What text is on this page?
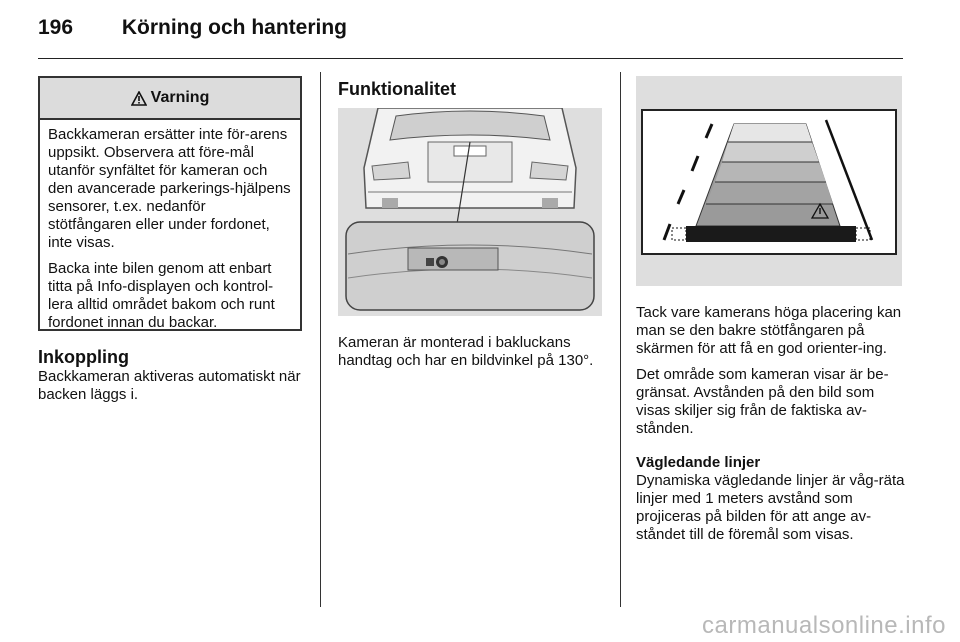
196 Körning och hantering
Varning

Backkameran ersätter inte för-arens uppsikt. Observera att före-mål utanför synfältet för kameran och den avancerade parkerings-hjälpens sensorer, t.ex. nedanför stötfångaren eller under fordonet, inte visas.

Backa inte bilen genom att enbart titta på Info-displayen och kontrol-lera alltid området bakom och runt fordonet innan du backar.

Inkoppling
Backkameran aktiveras automatiskt när backen läggs i.
Funktionalitet
Kameran är monterad i bakluckans handtag och har en bildvinkel på 130°.

Tack vare kamerans höga placering kan man se den bakre stötfångaren på skärmen för att få en god orienter-ing.

Det område som kameran visar är be-gränsat. Avstånden på den bild som visas skiljer sig från de faktiska av-stånden.

Vägledande linjer
Dynamiska vägledande linjer är våg-räta linjer med 1 meters avstånd som projiceras på bilden för att ange av-ståndet till de föremål som visas.
carmanualsonline.info
